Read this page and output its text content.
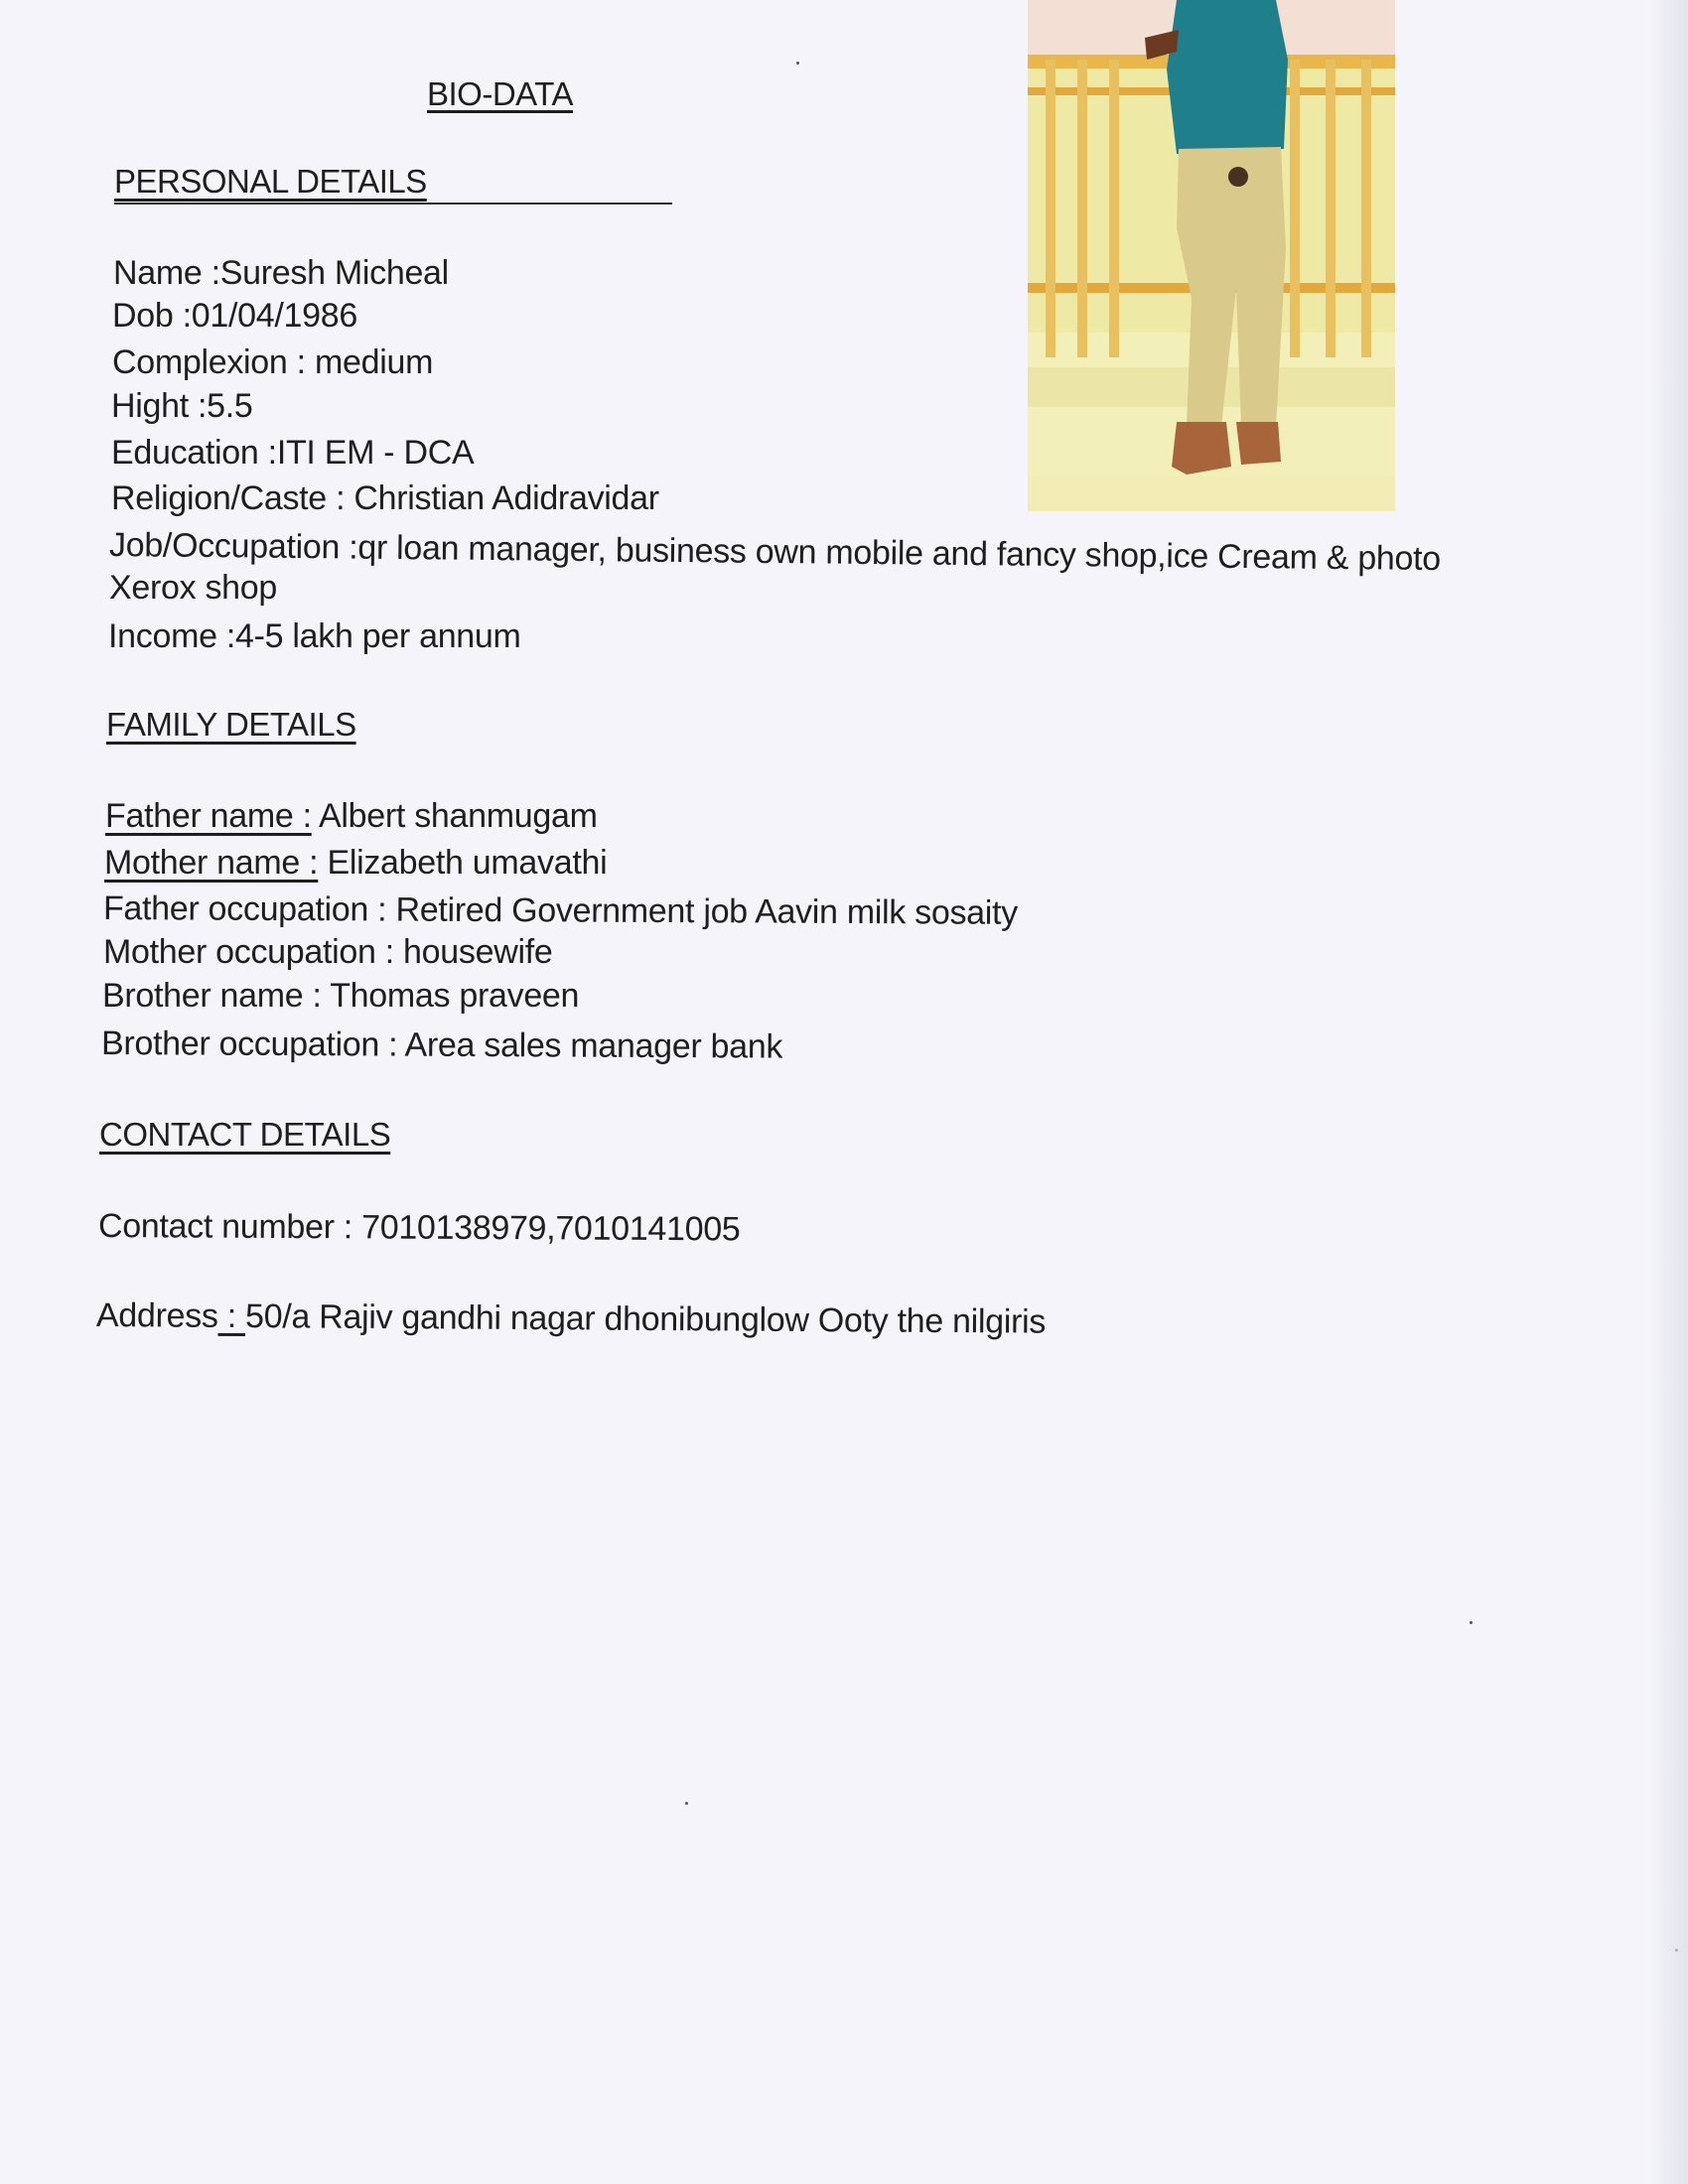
BIO-DATA
PERSONAL DETAILS
Name :Suresh Micheal
Dob :01/04/1986
Complexion : medium
Hight :5.5
Education :ITI EM - DCA
Religion/Caste : Christian Adidravidar
Job/Occupation :qr loan manager, business own mobile and fancy shop,ice Cream & photo
Xerox shop
Income :4-5 lakh per annum
FAMILY DETAILS
Father name : Albert shanmugam
Mother name : Elizabeth umavathi
Father occupation : Retired Government job Aavin milk sosaity
Mother occupation : housewife
Brother name : Thomas praveen
Brother occupation : Area sales manager bank
CONTACT DETAILS
Contact number : 7010138979,7010141005
Address : 50/a Rajiv gandhi nagar dhonibunglow Ooty the nilgiris
